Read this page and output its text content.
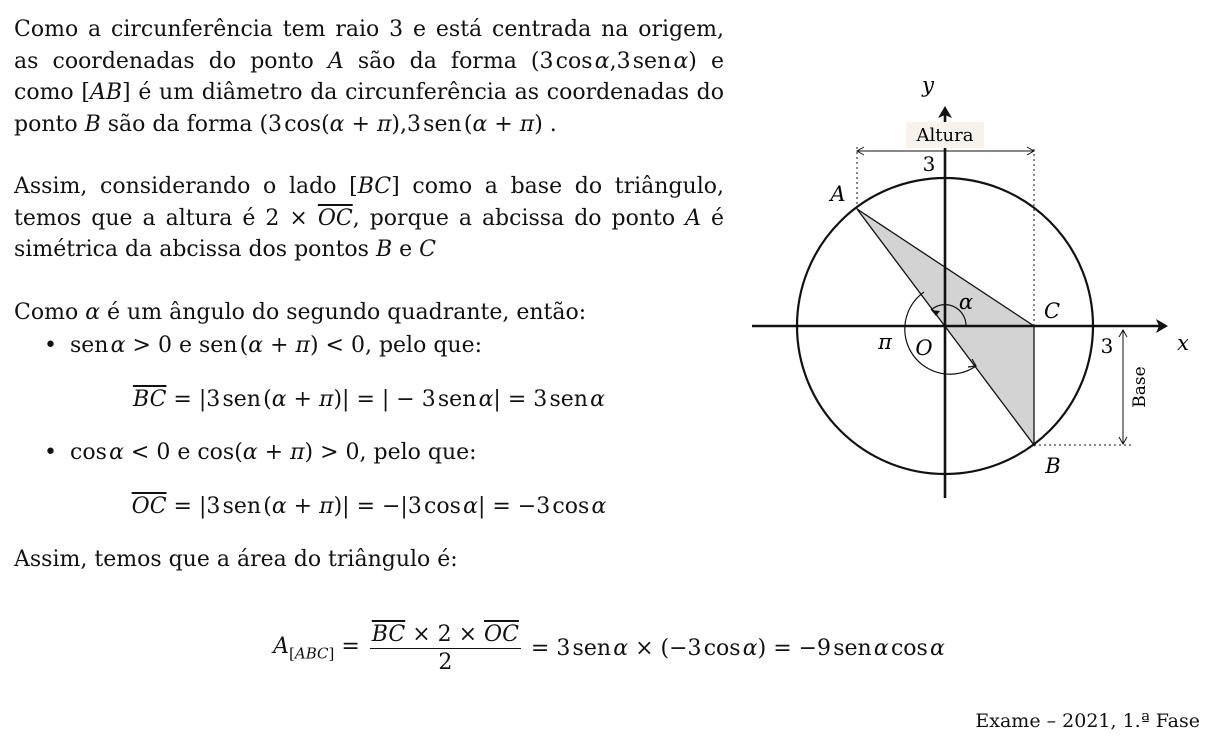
Como a circunferência tem raio 3 e está centrada na origem, as coordenadas do ponto A são da forma (3 cos α,3 sen α) e como [AB] é um diâmetro da circunferência as coordenadas do ponto B são da forma (3 cos(α + π),3 sen (α + π) .

Assim, considerando o lado [BC] como a base do triângulo, temos que a altura é $2 \times \overline{OC}$, porque a abcissa do ponto A é simétrica da abcissa dos pontos B e C

Como α é um ângulo do segundo quadrante, então:

• sen α > 0 e sen (α + π) < 0, pelo que:
$\overline{BC} = |3$ sen (α + π)| = | − 3 sen α| = 3 sen α
• cos α < 0 e cos(α + π) > 0, pelo que:
$\overline{OC} = |3$ sen (α + π)| = −|3 cos α| = −3 cos α

Assim, temos que a área do triângulo é:

$A_{[ABC]} = \frac{\overline{BC} \times 2 \times \overline{OC}}{2} = 3$ sen α × (−3 cos α) = −9 sen α cos α
Altura
Base
y
x
3
3
A
B
C
O
α
π
Exame – 2021, 1.ª Fase
